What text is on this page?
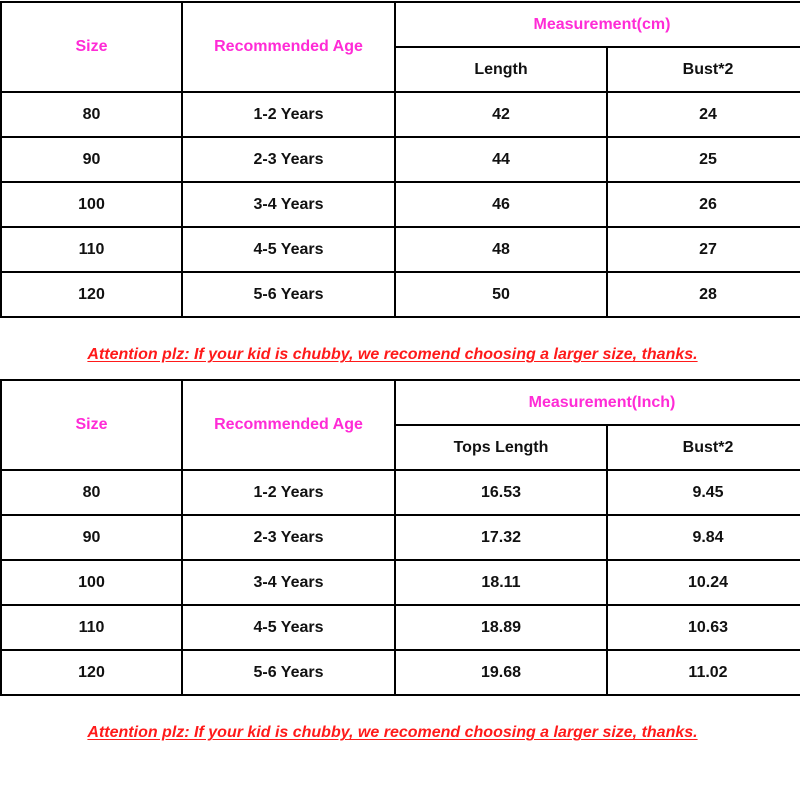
Size	Recommended Age	Measurement(cm)	
		Length	Bust*2
80	1-2 Years	42	24
90	2-3 Years	44	25
100	3-4 Years	46	26
110	4-5 Years	48	27
120	5-6 Years	50	28
Attention plz: If your kid is chubby, we recomend choosing a larger size, thanks.
Size	Recommended Age	Measurement(Inch)	
		Tops Length	Bust*2
80	1-2 Years	16.53	9.45
90	2-3 Years	17.32	9.84
100	3-4 Years	18.11	10.24
110	4-5 Years	18.89	10.63
120	5-6 Years	19.68	11.02
Attention plz: If your kid is chubby, we recomend choosing a larger size, thanks.
